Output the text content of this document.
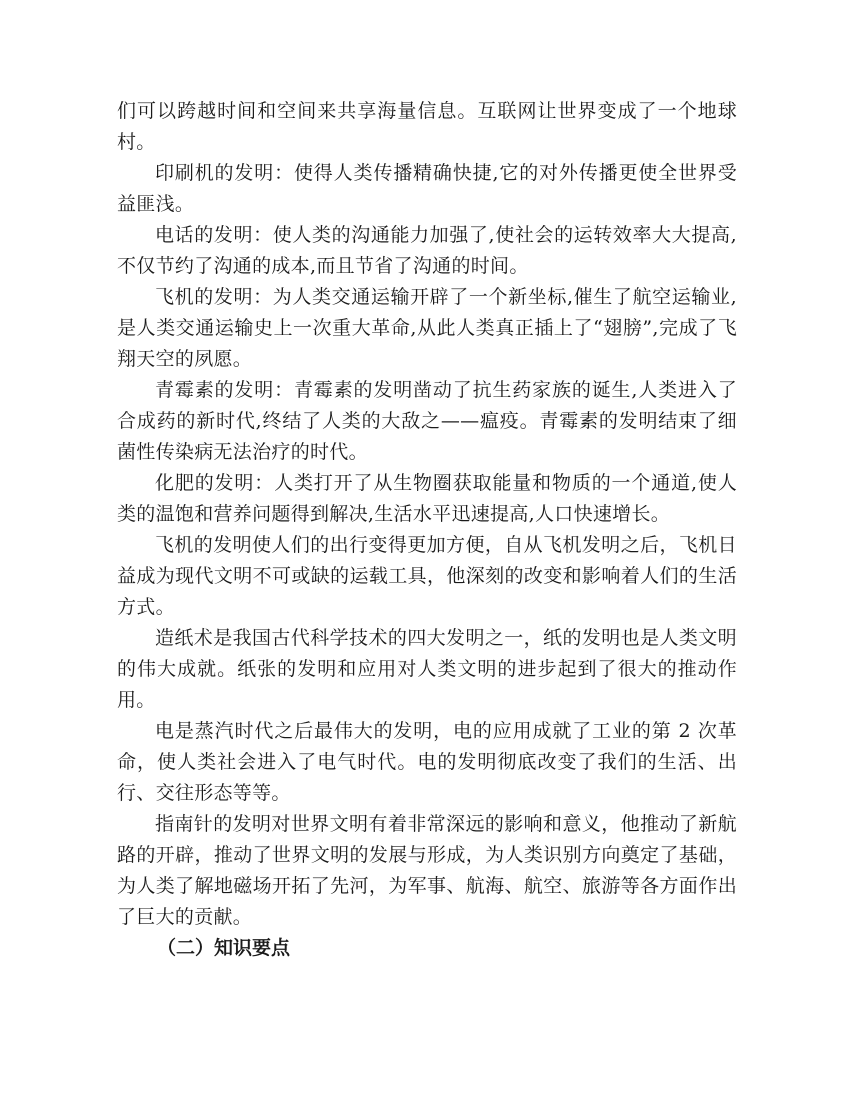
们可以跨越时间和空间来共享海量信息。互联网让世界变成了一个地球村。

印刷机的发明：使得人类传播精确快捷,它的对外传播更使全世界受益匪浅。

电话的发明：使人类的沟通能力加强了,使社会的运转效率大大提高,不仅节约了沟通的成本,而且节省了沟通的时间。

飞机的发明：为人类交通运输开辟了一个新坐标,催生了航空运输业,是人类交通运输史上一次重大革命,从此人类真正插上了“翅膀”,完成了飞翔天空的夙愿。

青霉素的发明：青霉素的发明凿动了抗生药家族的诞生,人类进入了合成药的新时代,终结了人类的大敌之——瘟疫。青霉素的发明结束了细菌性传染病无法治疗的时代。

化肥的发明：人类打开了从生物圈获取能量和物质的一个通道,使人类的温饱和营养问题得到解决,生活水平迅速提高,人口快速增长。

飞机的发明使人们的出行变得更加方便，自从飞机发明之后，飞机日益成为现代文明不可或缺的运载工具，他深刻的改变和影响着人们的生活方式。

造纸术是我国古代科学技术的四大发明之一，纸的发明也是人类文明的伟大成就。纸张的发明和应用对人类文明的进步起到了很大的推动作用。

电是蒸汽时代之后最伟大的发明，电的应用成就了工业的第 2 次革命，使人类社会进入了电气时代。电的发明彻底改变了我们的生活、出行、交往形态等等。

指南针的发明对世界文明有着非常深远的影响和意义，他推动了新航路的开辟，推动了世界文明的发展与形成，为人类识别方向奠定了基础，为人类了解地磁场开拓了先河，为军事、航海、航空、旅游等各方面作出了巨大的贡献。

（二）知识要点
